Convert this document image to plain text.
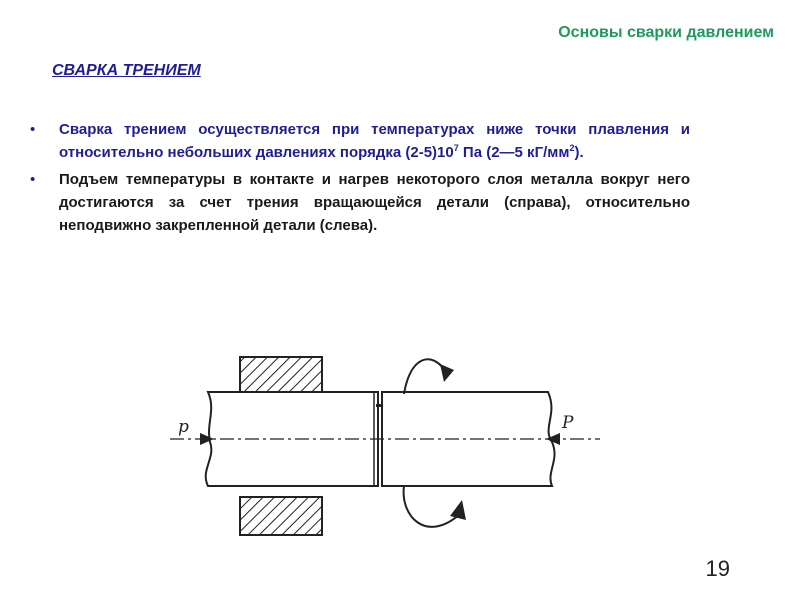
Основы сварки давлением
СВАРКА ТРЕНИЕМ
• Сварка трением осуществляется при температурах ниже точки плавления и относительно небольших давлениях порядка $(2-5)10^7$ Па (2—5 $кГ/мм^2$).
• Подъем температуры в контакте и нагрев некоторого слоя металла вокруг него достигаются за счет трения вращающейся детали (справа), относительно неподвижно закрепленной детали (слева).
p	P
19
